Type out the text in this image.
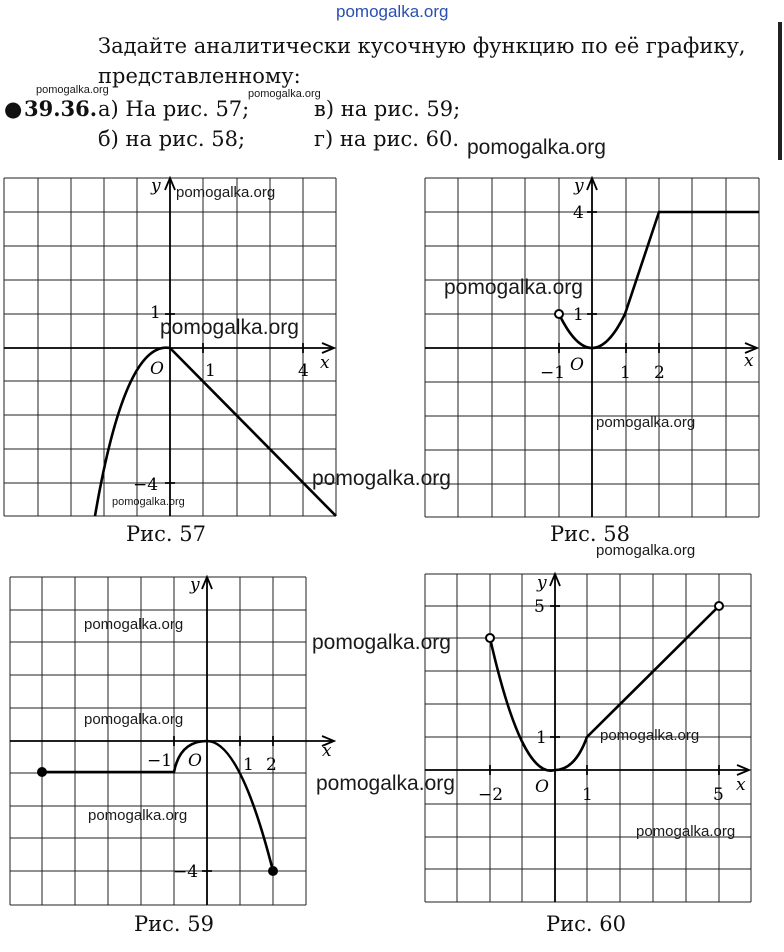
pomogalka.org
Задайте аналитически кусочную функцию по её графику,
представленному:
pomogalka.org	pomogalka.org
● 39.36. а) На рис. 57;	в) на рис. 59;
б) на рис. 58;	г) на рис. 60. pomogalka.org
y
x
O 1	4
1
−4
pomogalka.org
pomogalka.org
pomogalka.org
pomogalka.org
Рис. 57
y
x
O
−1	1 2
1
4
pomogalka.org
pomogalka.org
Рис. 58
pomogalka.org
y
x
O
−1	1 2
−4
pomogalka.org
pomogalka.org
pomogalka.org
Рис. 59
y
x
O
−2	1	5
1
5
pomogalka.org
pomogalka.org
pomogalka.org
pomogalka.org
Рис. 60
